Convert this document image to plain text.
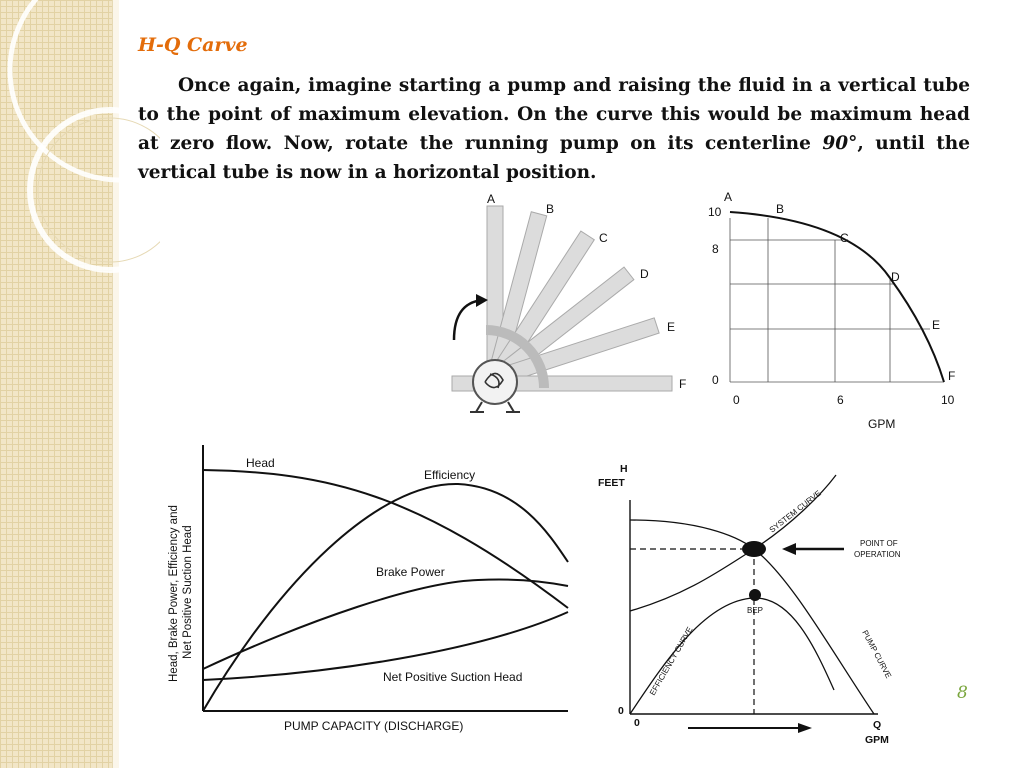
H-Q Carve
Once again, imagine starting a pump and raising the fluid in a vertical tube to the point of maximum elevation. On the curve this would be maximum head at zero flow. Now, rotate the running pump on its centerline 90°, until the vertical tube is now in a horizontal position.
A
B
C
D
E
F
A
B
C
D
E
F
10
8
0
0	6	10
GPM
Head
Efficiency
Brake Power
Net Positive Suction Head
PUMP CAPACITY (DISCHARGE)
Head, Brake Power, Efficiency and Net Positive Suction Head
H
FEET
0
0	Q
GPM
SYSTEM CURVE
POINT OF
OPERATION
BEP
EFFICIENCY CURVE	PUMP CURVE
8
